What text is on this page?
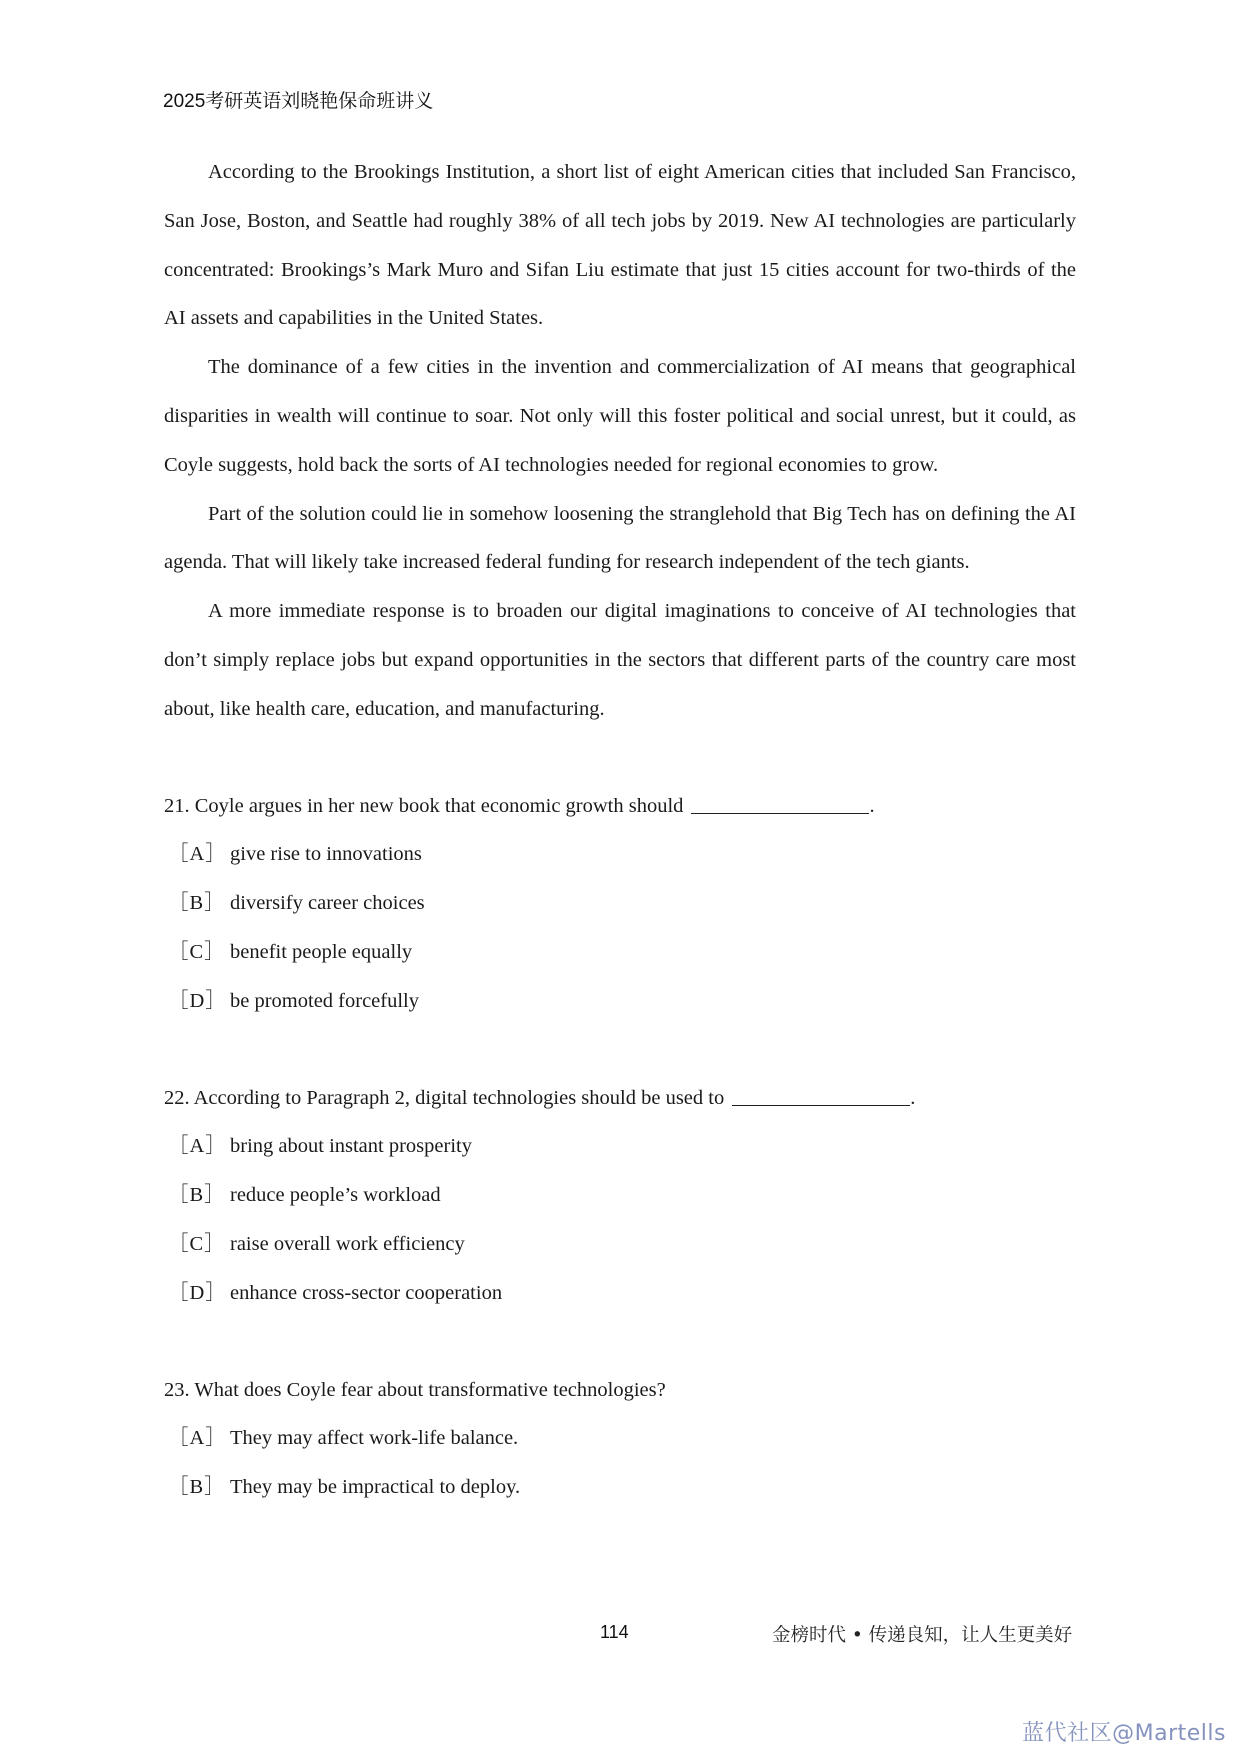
2025考研英语刘晓艳保命班讲义

According to the Brookings Institution, a short list of eight American cities that included San Francisco, San Jose, Boston, and Seattle had roughly 38% of all tech jobs by 2019. New AI technologies are particularly concentrated: Brookings’s Mark Muro and Sifan Liu estimate that just 15 cities account for two-thirds of the AI assets and capabilities in the United States.

The dominance of a few cities in the invention and commercialization of AI means that geographical disparities in wealth will continue to soar. Not only will this foster political and social unrest, but it could, as Coyle suggests, hold back the sorts of AI technologies needed for regional economies to grow.

Part of the solution could lie in somehow loosening the stranglehold that Big Tech has on defining the AI agenda. That will likely take increased federal funding for research independent of the tech giants.

A more immediate response is to broaden our digital imaginations to conceive of AI technologies that don’t simply replace jobs but expand opportunities in the sectors that different parts of the country care most about, like health care, education, and manufacturing.

21. Coyle argues in her new book that economic growth should	.

［A］ give rise to innovations

［B］ diversify career choices

［C］ benefit people equally

［D］ be promoted forcefully

22. According to Paragraph 2, digital technologies should be used to	.

［A］ bring about instant prosperity

［B］ reduce people’s workload

［C］ raise overall work efficiency

［D］ enhance cross-sector cooperation

23. What does Coyle fear about transformative technologies?

［A］ They may affect work-life balance.

［B］ They may be impractical to deploy.

114	金榜时代 • 传递良知，让人生更美好
蓝代社区@Martells
